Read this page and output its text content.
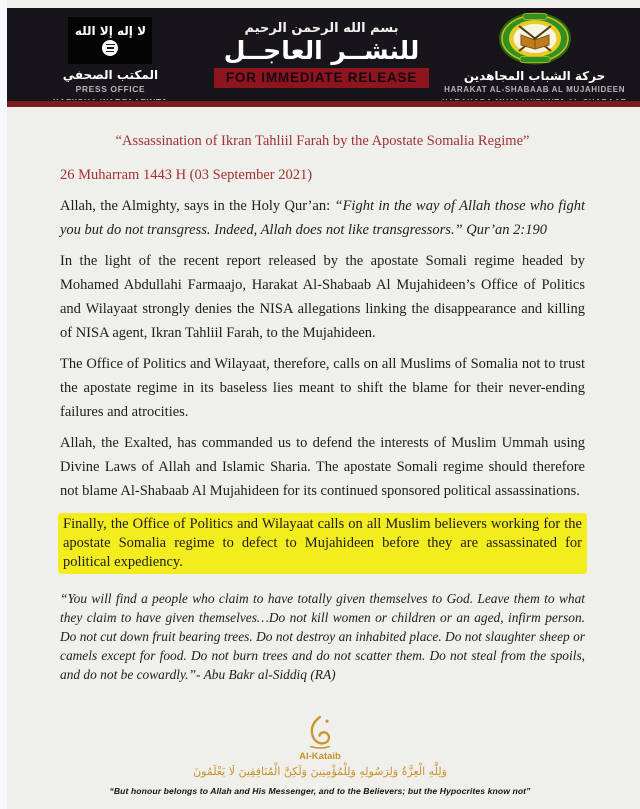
لا إله إلا الله
المكتب الصحفي
PRESS OFFICE
بسم الله الرحمن الرحيم
للنشــر العاجــل
FOR IMMEDIATE RELEASE	حركة الشباب المجاهدين
HARAKAT AL-SHABAAB AL MUJAHIDEEN
“Assassination of Ikran Tahliil Farah by the Apostate Somalia Regime”
26 Muharram 1443 H (03 September 2021)

Allah, the Almighty, says in the Holy Qur’an: “Fight in the way of Allah those who fight you but do not transgress. Indeed, Allah does not like transgressors.” Qur’an 2:190

In the light of the recent report released by the apostate Somali regime headed by Mohamed Abdullahi Farmaajo, Harakat Al-Shabaab Al Mujahideen’s Office of Politics and Wilayaat strongly denies the NISA allegations linking the disappearance and killing of NISA agent, Ikran Tahliil Farah, to the Mujahideen.

The Office of Politics and Wilayaat, therefore, calls on all Muslims of Somalia not to trust the apostate regime in its baseless lies meant to shift the blame for their never-ending failures and atrocities.

Allah, the Exalted, has commanded us to defend the interests of Muslim Ummah using Divine Laws of Allah and Islamic Sharia. The apostate Somali regime should therefore not blame Al-Shabaab Al Mujahideen for its continued sponsored political assassinations.

Finally, the Office of Politics and Wilayaat calls on all Muslim believers working for the apostate Somalia regime to defect to Mujahideen before they are assassinated for political expediency.

“You will find a people who claim to have totally given themselves to God. Leave them to what they claim to have given themselves…Do not kill women or children or an aged, infirm person. Do not cut down fruit bearing trees. Do not destroy an inhabited place. Do not slaughter sheep or camels except for food. Do not burn trees and do not scatter them. Do not steal from the spoils, and do not be cowardly.”- Abu Bakr al-Siddiq (RA)

Al-Kataib
وَلِلَّهِ الْعِزَّةُ وَلِرَسُولِهِ وَلِلْمُؤْمِنِينَ وَلَكِنَّ الْمُنَافِقِينَ لَا يَعْلَمُونَ
“But honour belongs to Allah and His Messenger, and to the Believers; but the Hypocrites know not”
